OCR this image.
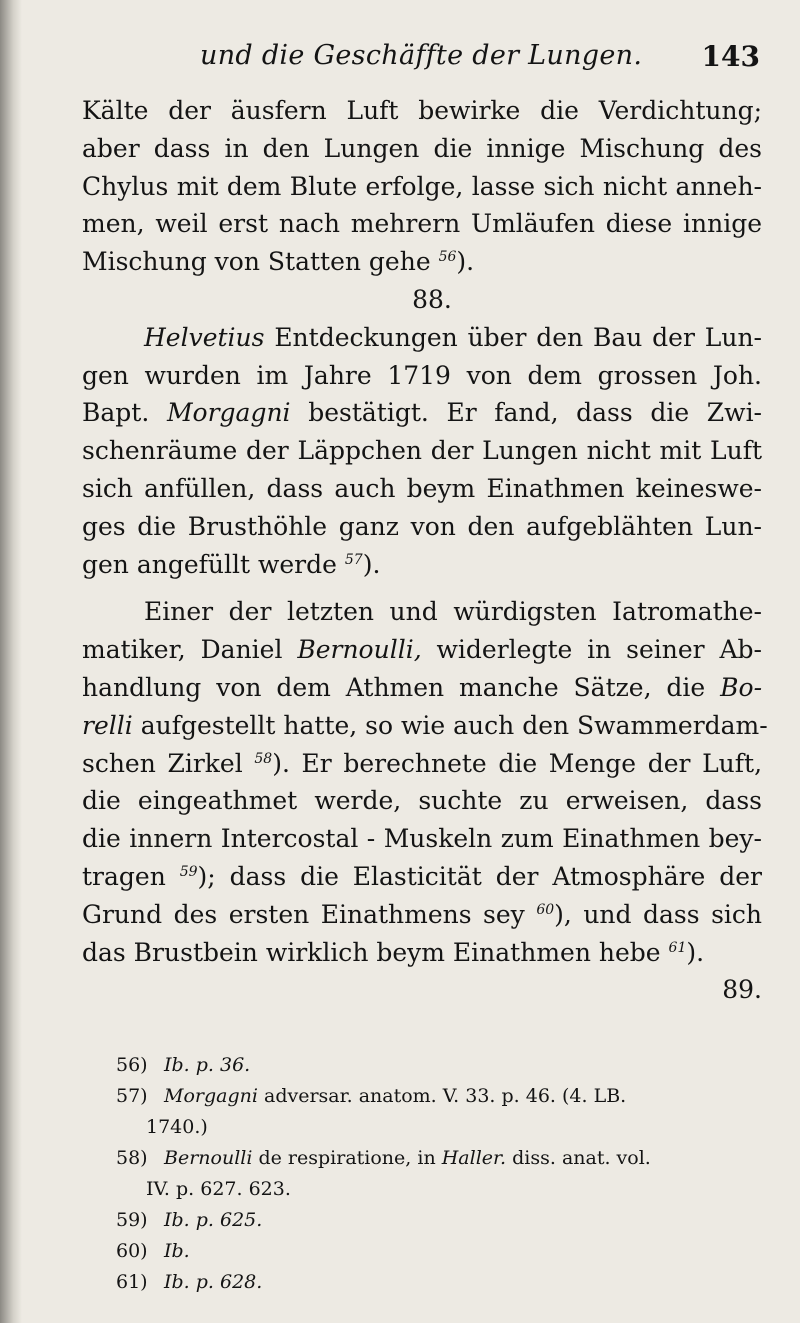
und die Geschäffte der Lungen. 143
Kälte der äusfern Luft bewirke die Verdichtung;
aber dass in den Lungen die innige Mischung des
Chylus mit dem Blute erfolge, lasse sich nicht anneh-
men, weil erst nach mehrern Umläufen diese innige
Mischung von Statten gehe $^{56}$).
88.
Helvetius Entdeckungen über den Bau der Lun-
gen wurden im Jahre 1719 von dem grossen Joh.
Bapt. Morgagni bestätigt. Er fand, dass die Zwi-
schenräume der Läppchen der Lungen nicht mit Luft
sich anfüllen, dass auch beym Einathmen keineswe-
ges die Brusthöhle ganz von den aufgeblähten Lun-
gen angefüllt werde $^{57}$).
Einer der letzten und würdigsten Iatromathe-
matiker, Daniel Bernoulli, widerlegte in seiner Ab-
handlung von dem Athmen manche Sätze, die Bo-
relli aufgestellt hatte, so wie auch den Swammerdam-
schen Zirkel $^{58}$). Er berechnete die Menge der Luft,
die eingeathmet werde, suchte zu erweisen, dass
die innern Intercostal - Muskeln zum Einathmen bey-
tragen $^{59}$); dass die Elasticität der Atmosphäre der
Grund des ersten Einathmens sey $^{60}$), und dass sich
das Brustbein wirklich beym Einathmen hebe $^{61}$).
89.
56) Ib. p. 36.
57) Morgagni adversar. anatom. V. 33. p. 46. (4. LB.
1740.)
58) Bernoulli de respiratione, in Haller. diss. anat. vol.
IV. p. 627. 623.
59) Ib. p. 625.
60) Ib.
61) Ib. p. 628.
